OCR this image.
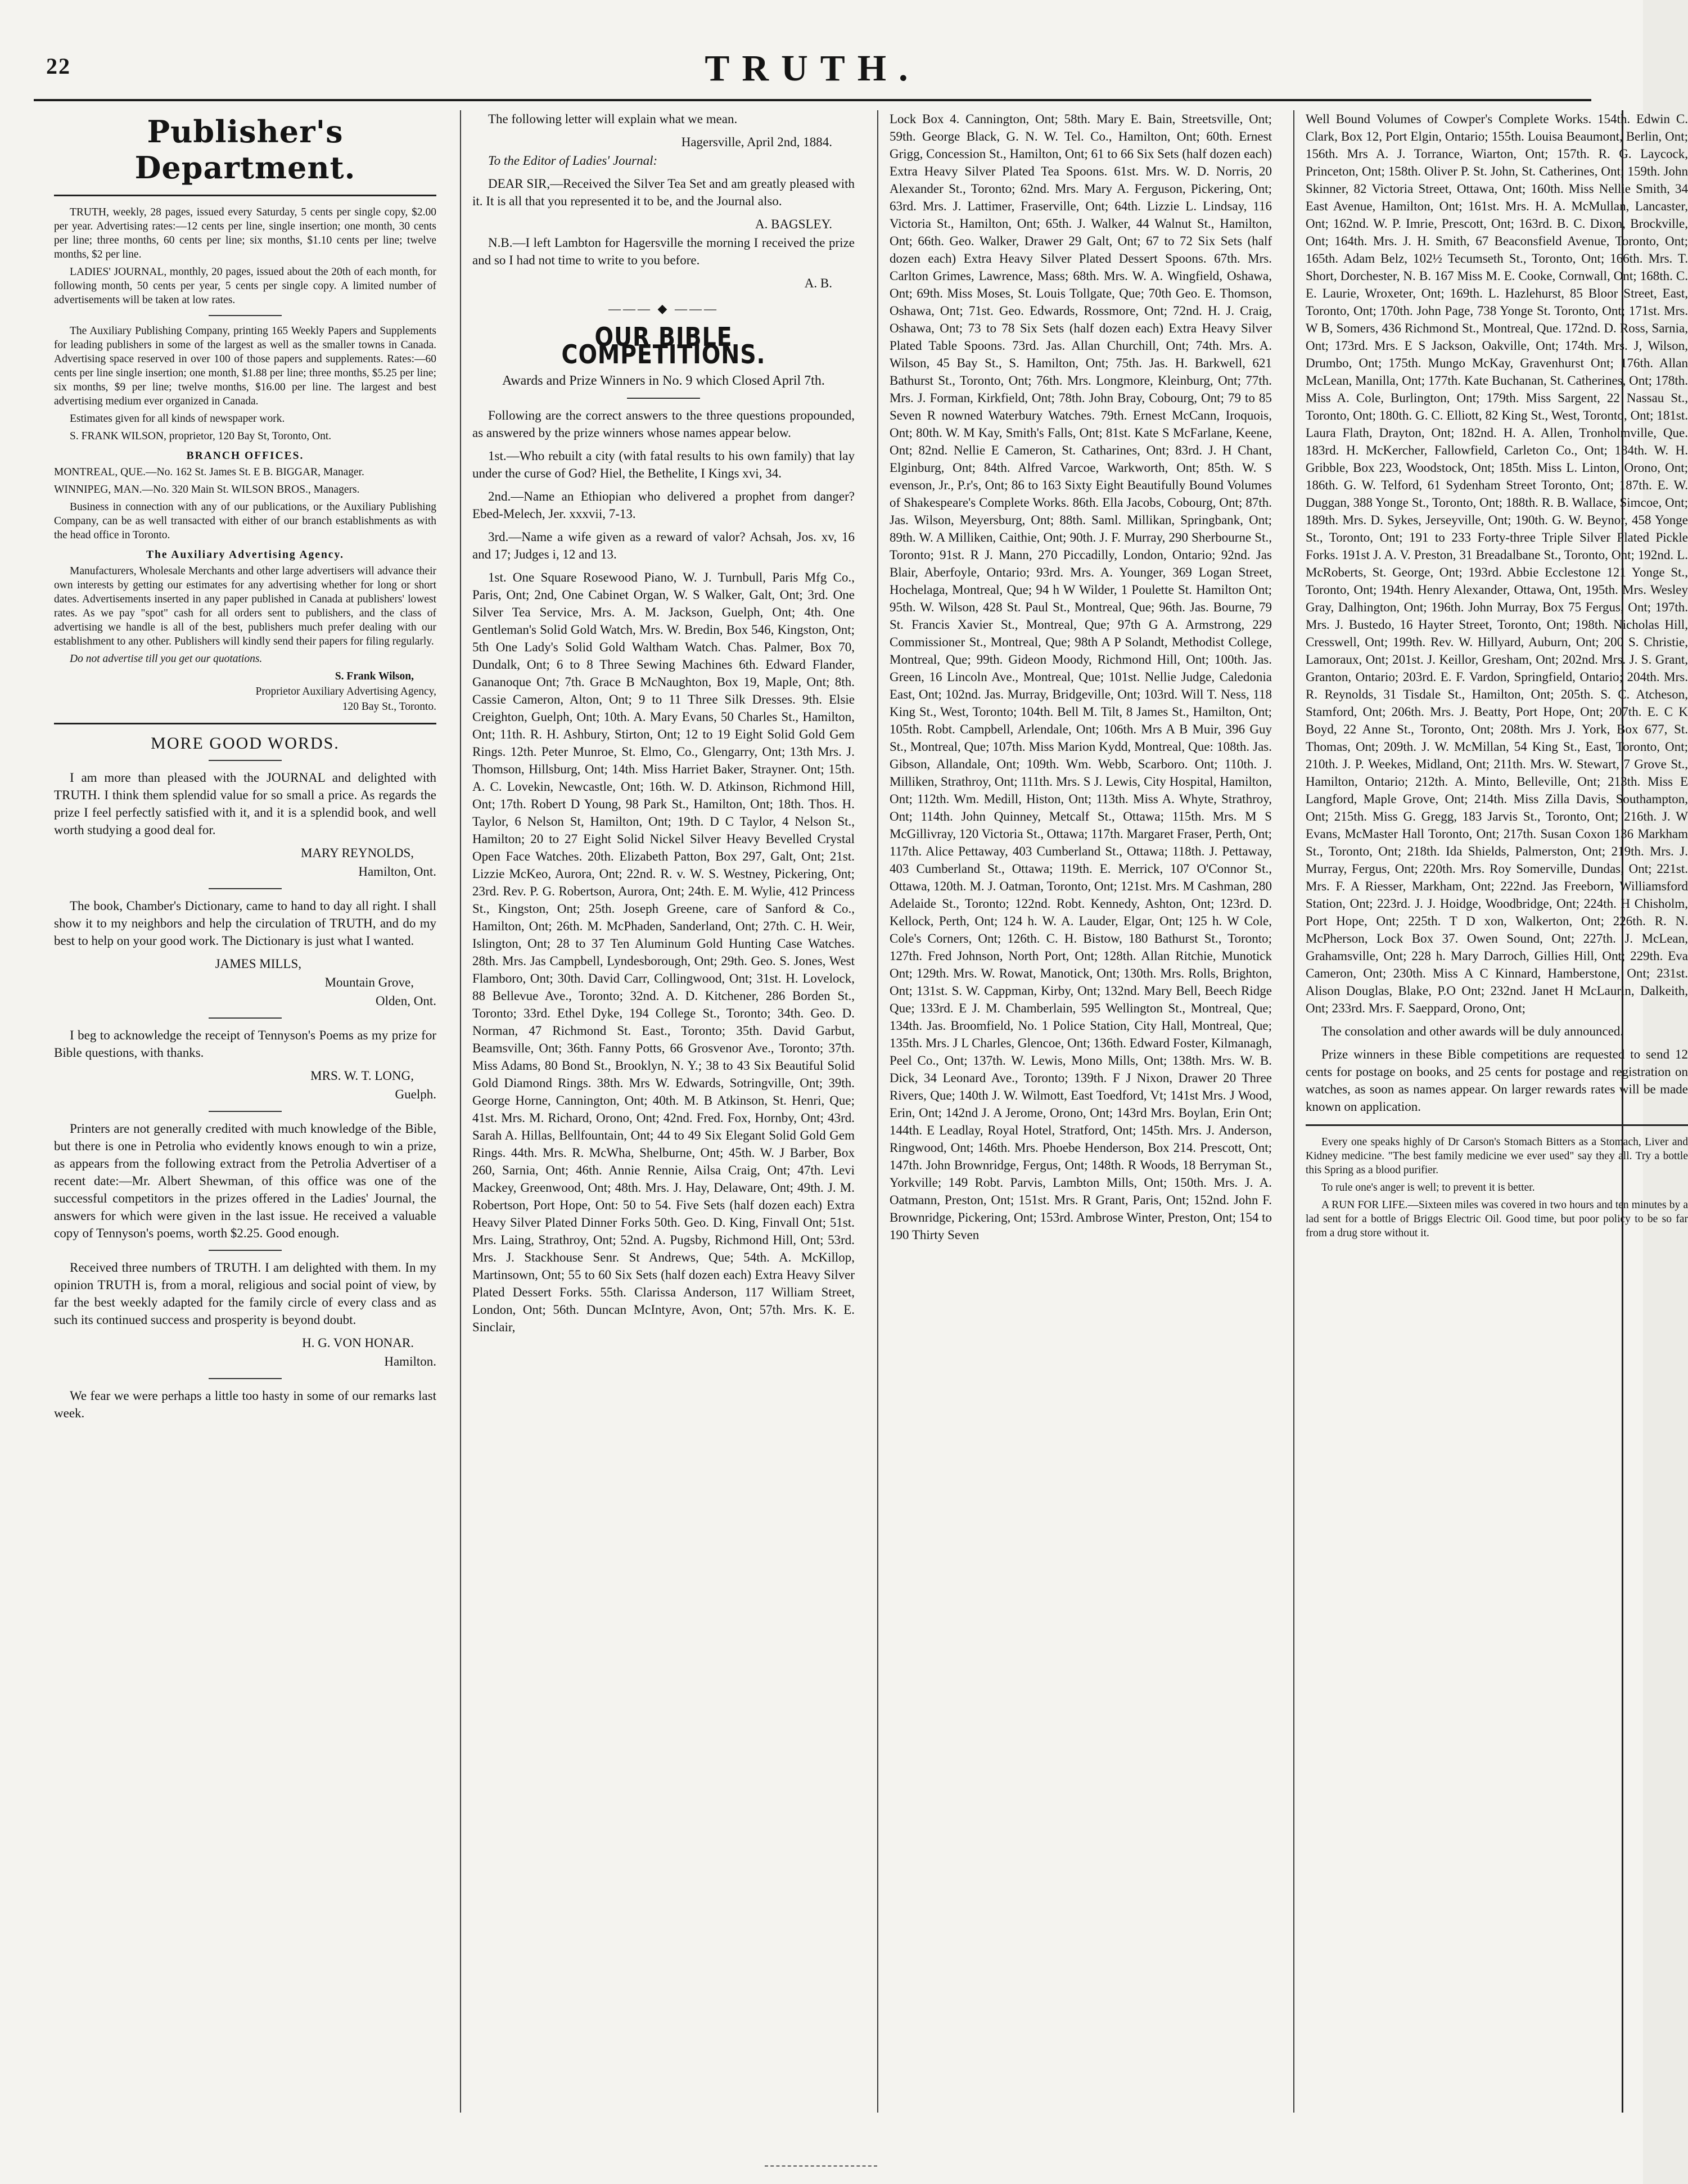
22	TRUTH.
Publisher's Department.

TRUTH, weekly, 28 pages, issued every Saturday, 5 cents per single copy, $2.00 per year. Advertising rates:—12 cents per line, single insertion; one month, 30 cents per line; three months, 60 cents per line; six months, $1.10 cents per line; twelve months, $2 per line.

LADIES' JOURNAL, monthly, 20 pages, issued about the 20th of each month, for following month, 50 cents per year, 5 cents per single copy. A limited number of advertisements will be taken at low rates.

The Auxiliary Publishing Company, printing 165 Weekly Papers and Supplements for leading publishers in some of the largest as well as the smaller towns in Canada. Advertising space reserved in over 100 of those papers and supplements. Rates:—60 cents per line single insertion; one month, $1.88 per line; three months, $5.25 per line; six months, $9 per line; twelve months, $16.00 per line. The largest and best advertising medium ever organized in Canada.

Estimates given for all kinds of newspaper work.

S. FRANK WILSON, proprietor, 120 Bay St, Toronto, Ont.

BRANCH OFFICES.

MONTREAL, QUE.—No. 162 St. James St. E B. BIGGAR, Manager.

WINNIPEG, MAN.—No. 320 Main St. WILSON BROS., Managers.

Business in connection with any of our publications, or the Auxiliary Publishing Company, can be as well transacted with either of our branch establishments as with the head office in Toronto.

The Auxiliary Advertising Agency.

Manufacturers, Wholesale Merchants and other large advertisers will advance their own interests by getting our estimates for any advertising whether for long or short dates. Advertisements inserted in any paper published in Canada at publishers' lowest rates. As we pay "spot" cash for all orders sent to publishers, and the class of advertising we handle is all of the best, publishers much prefer dealing with our establishment to any other. Publishers will kindly send their papers for filing regularly.

Do not advertise till you get our quotations.

S. Frank Wilson,
Proprietor Auxiliary Advertising Agency,
120 Bay St., Toronto.
MORE GOOD WORDS.

I am more than pleased with the JOURNAL and delighted with TRUTH. I think them splendid value for so small a price. As regards the prize I feel perfectly satisfied with it, and it is a splendid book, and well worth studying a good deal for.

MARY REYNOLDS,
Hamilton, Ont.

The book, Chamber's Dictionary, came to hand to day all right. I shall show it to my neighbors and help the circulation of TRUTH, and do my best to help on your good work. The Dictionary is just what I wanted.

JAMES MILLS,
Mountain Grove,
Olden, Ont.

I beg to acknowledge the receipt of Tennyson's Poems as my prize for Bible questions, with thanks.

MRS. W. T. LONG,
Guelph.

Printers are not generally credited with much knowledge of the Bible, but there is one in Petrolia who evidently knows enough to win a prize, as appears from the following extract from the Petrolia Advertiser of a recent date:—Mr. Albert Shewman, of this office was one of the successful competitors in the prizes offered in the Ladies' Journal, the answers for which were given in the last issue. He received a valuable copy of Tennyson's poems, worth $2.25. Good enough.

Received three numbers of TRUTH. I am delighted with them. In my opinion TRUTH is, from a moral, religious and social point of view, by far the best weekly adapted for the family circle of every class and as such its continued success and prosperity is beyond doubt.

H. G. VON HONAR.
Hamilton.

We fear we were perhaps a little too hasty in some of our remarks last week.

The following letter will explain what we mean.

Hagersville, April 2nd, 1884.

To the Editor of Ladies' Journal:

DEAR SIR,—Received the Silver Tea Set and am greatly pleased with it. It is all that you represented it to be, and the Journal also.

A. BAGSLEY.

N.B.—I left Lambton for Hagersville the morning I received the prize and so I had not time to write to you before.

A. B.
——— ◆ ———
OUR BIBLE COMPETITIONS.
Awards and Prize Winners in No. 9 which Closed April 7th.

Following are the correct answers to the three questions propounded, as answered by the prize winners whose names appear below.

1st.—Who rebuilt a city (with fatal results to his own family) that lay under the curse of God? Hiel, the Bethelite, I Kings xvi, 34.

2nd.—Name an Ethiopian who delivered a prophet from danger? Ebed-Melech, Jer. xxxvii, 7-13.

3rd.—Name a wife given as a reward of valor? Achsah, Jos. xv, 16 and 17; Judges i, 12 and 13.

1st. One Square Rosewood Piano, W. J. Turnbull, Paris Mfg Co., Paris, Ont; 2nd, One Cabinet Organ, W. S Walker, Galt, Ont; 3rd. One Silver Tea Service, Mrs. A. M. Jackson, Guelph, Ont; 4th. One Gentleman's Solid Gold Watch, Mrs. W. Bredin, Box 546, Kingston, Ont; 5th One Lady's Solid Gold Waltham Watch. Chas. Palmer, Box 70, Dundalk, Ont; 6 to 8 Three Sewing Machines 6th. Edward Flander, Gananoque Ont; 7th. Grace B McNaughton, Box 19, Maple, Ont; 8th. Cassie Cameron, Alton, Ont; 9 to 11 Three Silk Dresses. 9th. Elsie Creighton, Guelph, Ont; 10th. A. Mary Evans, 50 Charles St., Hamilton, Ont; 11th. R. H. Ashbury, Stirton, Ont; 12 to 19 Eight Solid Gold Gem Rings. 12th. Peter Munroe, St. Elmo, Co., Glengarry, Ont; 13th Mrs. J. Thomson, Hillsburg, Ont; 14th. Miss Harriet Baker, Strayner. Ont; 15th. A. C. Lovekin, Newcastle, Ont; 16th. W. D. Atkinson, Richmond Hill, Ont; 17th. Robert D Young, 98 Park St., Hamilton, Ont; 18th. Thos. H. Taylor, 6 Nelson St, Hamilton, Ont; 19th. D C Taylor, 4 Nelson St., Hamilton; 20 to 27 Eight Solid Nickel Silver Heavy Bevelled Crystal Open Face Watches. 20th. Elizabeth Patton, Box 297, Galt, Ont; 21st. Lizzie McKeo, Aurora, Ont; 22nd. R. v. W. S. Westney, Pickering, Ont; 23rd. Rev. P. G. Robertson, Aurora, Ont; 24th. E. M. Wylie, 412 Princess St., Kingston, Ont; 25th. Joseph Greene, care of Sanford & Co., Hamilton, Ont; 26th. M. McPhaden, Sanderland, Ont; 27th. C. H. Weir, Islington, Ont; 28 to 37 Ten Aluminum Gold Hunting Case Watches. 28th. Mrs. Jas Campbell, Lyndesborough, Ont; 29th. Geo. S. Jones, West Flamboro, Ont; 30th. David Carr, Collingwood, Ont; 31st. H. Lovelock, 88 Bellevue Ave., Toronto; 32nd. A. D. Kitchener, 286 Borden St., Toronto; 33rd. Ethel Dyke, 194 College St., Toronto; 34th. Geo. D. Norman, 47 Richmond St. East., Toronto; 35th. David Garbut, Beamsville, Ont; 36th. Fanny Potts, 66 Grosvenor Ave., Toronto; 37th. Miss Adams, 80 Bond St., Brooklyn, N. Y.; 38 to 43 Six Beautiful Solid Gold Diamond Rings. 38th. Mrs W. Edwards, Sotringville, Ont; 39th. George Horne, Cannington, Ont; 40th. M. B Atkinson, St. Henri, Que; 41st. Mrs. M. Richard, Orono, Ont; 42nd. Fred. Fox, Hornby, Ont; 43rd. Sarah A. Hillas, Bellfountain, Ont; 44 to 49 Six Elegant Solid Gold Gem Rings. 44th. Mrs. R. McWha, Shelburne, Ont; 45th. W. J Barber, Box 260, Sarnia, Ont; 46th. Annie Rennie, Ailsa Craig, Ont; 47th. Levi Mackey, Greenwood, Ont; 48th. Mrs. J. Hay, Delaware, Ont; 49th. J. M. Robertson, Port Hope, Ont: 50 to 54. Five Sets (half dozen each) Extra Heavy Silver Plated Dinner Forks 50th. Geo. D. King, Finvall Ont; 51st. Mrs. Laing, Strathroy, Ont; 52nd. A. Pugsby, Richmond Hill, Ont; 53rd. Mrs. J. Stackhouse Senr. St Andrews, Que; 54th. A. McKillop, Martinsown, Ont; 55 to 60 Six Sets (half dozen each) Extra Heavy Silver Plated Dessert Forks. 55th. Clarissa Anderson, 117 William Street, London, Ont; 56th. Duncan McIntyre, Avon, Ont; 57th. Mrs. K. E. Sinclair,

Lock Box 4. Cannington, Ont; 58th. Mary E. Bain, Streetsville, Ont; 59th. George Black, G. N. W. Tel. Co., Hamilton, Ont; 60th. Ernest Grigg, Concession St., Hamilton, Ont; 61 to 66 Six Sets (half dozen each) Extra Heavy Silver Plated Tea Spoons. 61st. Mrs. W. D. Norris, 20 Alexander St., Toronto; 62nd. Mrs. Mary A. Ferguson, Pickering, Ont; 63rd. Mrs. J. Lattimer, Fraserville, Ont; 64th. Lizzie L. Lindsay, 116 Victoria St., Hamilton, Ont; 65th. J. Walker, 44 Walnut St., Hamilton, Ont; 66th. Geo. Walker, Drawer 29 Galt, Ont; 67 to 72 Six Sets (half dozen each) Extra Heavy Silver Plated Dessert Spoons. 67th. Mrs. Carlton Grimes, Lawrence, Mass; 68th. Mrs. W. A. Wingfield, Oshawa, Ont; 69th. Miss Moses, St. Louis Tollgate, Que; 70th Geo. E. Thomson, Oshawa, Ont; 71st. Geo. Edwards, Rossmore, Ont; 72nd. H. J. Craig, Oshawa, Ont; 73 to 78 Six Sets (half dozen each) Extra Heavy Silver Plated Table Spoons. 73rd. Jas. Allan Churchill, Ont; 74th. Mrs. A. Wilson, 45 Bay St., S. Hamilton, Ont; 75th. Jas. H. Barkwell, 621 Bathurst St., Toronto, Ont; 76th. Mrs. Longmore, Kleinburg, Ont; 77th. Mrs. J. Forman, Kirkfield, Ont; 78th. John Bray, Cobourg, Ont; 79 to 85 Seven R nowned Waterbury Watches. 79th. Ernest McCann, Iroquois, Ont; 80th. W. M Kay, Smith's Falls, Ont; 81st. Kate S McFarlane, Keene, Ont; 82nd. Nellie E Cameron, St. Catharines, Ont; 83rd. J. H Chant, Elginburg, Ont; 84th. Alfred Varcoe, Warkworth, Ont; 85th. W. S evenson, Jr., P.r's, Ont; 86 to 163 Sixty Eight Beautifully Bound Volumes of Shakespeare's Complete Works. 86th. Ella Jacobs, Cobourg, Ont; 87th. Jas. Wilson, Meyersburg, Ont; 88th. Saml. Millikan, Springbank, Ont; 89th. W. A Milliken, Caithie, Ont; 90th. J. F. Murray, 290 Sherbourne St., Toronto; 91st. R J. Mann, 270 Piccadilly, London, Ontario; 92nd. Jas Blair, Aberfoyle, Ontario; 93rd. Mrs. A. Younger, 369 Logan Street, Hochelaga, Montreal, Que; 94 h W Wilder, 1 Poulette St. Hamilton Ont; 95th. W. Wilson, 428 St. Paul St., Montreal, Que; 96th. Jas. Bourne, 79 St. Francis Xavier St., Montreal, Que; 97th G A. Armstrong, 229 Commissioner St., Montreal, Que; 98th A P Solandt, Methodist College, Montreal, Que; 99th. Gideon Moody, Richmond Hill, Ont; 100th. Jas. Green, 16 Lincoln Ave., Montreal, Que; 101st. Nellie Judge, Caledonia East, Ont; 102nd. Jas. Murray, Bridgeville, Ont; 103rd. Will T. Ness, 118 King St., West, Toronto; 104th. Bell M. Tilt, 8 James St., Hamilton, Ont; 105th. Robt. Campbell, Arlendale, Ont; 106th. Mrs A B Muir, 396 Guy St., Montreal, Que; 107th. Miss Marion Kydd, Montreal, Que: 108th. Jas. Gibson, Allandale, Ont; 109th. Wm. Webb, Scarboro. Ont; 110th. J. Milliken, Strathroy, Ont; 111th. Mrs. S J. Lewis, City Hospital, Hamilton, Ont; 112th. Wm. Medill, Histon, Ont; 113th. Miss A. Whyte, Strathroy, Ont; 114th. John Quinney, Metcalf St., Ottawa; 115th. Mrs. M S McGillivray, 120 Victoria St., Ottawa; 117th. Margaret Fraser, Perth, Ont; 117th. Alice Pettaway, 403 Cumberland St., Ottawa; 118th. J. Pettaway, 403 Cumberland St., Ottawa; 119th. E. Merrick, 107 O'Connor St., Ottawa, 120th. M. J. Oatman, Toronto, Ont; 121st. Mrs. M Cashman, 280 Adelaide St., Toronto; 122nd. Robt. Kennedy, Ashton, Ont; 123rd. D. Kellock, Perth, Ont; 124 h. W. A. Lauder, Elgar, Ont; 125 h. W Cole, Cole's Corners, Ont; 126th. C. H. Bistow, 180 Bathurst St., Toronto; 127th. Fred Johnson, North Port, Ont; 128th. Allan Ritchie, Munotick Ont; 129th. Mrs. W. Rowat, Manotick, Ont; 130th. Mrs. Rolls, Brighton, Ont; 131st. S. W. Cappman, Kirby, Ont; 132nd. Mary Bell, Beech Ridge Que; 133rd. E J. M. Chamberlain, 595 Wellington St., Montreal, Que; 134th. Jas. Broomfield, No. 1 Police Station, City Hall, Montreal, Que; 135th. Mrs. J L Charles, Glencoe, Ont; 136th. Edward Foster, Kilmanagh, Peel Co., Ont; 137th. W. Lewis, Mono Mills, Ont; 138th. Mrs. W. B. Dick, 34 Leonard Ave., Toronto; 139th. F J Nixon, Drawer 20 Three Rivers, Que; 140th J. W. Wilmott, East Toedford, Vt; 141st Mrs. J Wood, Erin, Ont; 142nd J. A Jerome, Orono, Ont; 143rd Mrs. Boylan, Erin Ont; 144th. E Leadlay, Royal Hotel, Stratford, Ont; 145th. Mrs. J. Anderson, Ringwood, Ont; 146th. Mrs. Phoebe Henderson, Box 214. Prescott, Ont; 147th. John Brownridge, Fergus, Ont; 148th. R Woods, 18 Berryman St., Yorkville; 149 Robt. Parvis, Lambton Mills, Ont; 150th. Mrs. J. A. Oatmann, Preston, Ont; 151st. Mrs. R Grant, Paris, Ont; 152nd. John F. Brownridge, Pickering, Ont; 153rd. Ambrose Winter, Preston, Ont; 154 to 190 Thirty Seven

Well Bound Volumes of Cowper's Complete Works. 154th. Edwin C. Clark, Box 12, Port Elgin, Ontario; 155th. Louisa Beaumont, Berlin, Ont; 156th. Mrs A. J. Torrance, Wiarton, Ont; 157th. R. G. Laycock, Princeton, Ont; 158th. Oliver P. St. John, St. Catherines, Ont; 159th. John Skinner, 82 Victoria Street, Ottawa, Ont; 160th. Miss Nellie Smith, 34 East Avenue, Hamilton, Ont; 161st. Mrs. H. A. McMullan, Lancaster, Ont; 162nd. W. P. Imrie, Prescott, Ont; 163rd. B. C. Dixon, Brockville, Ont; 164th. Mrs. J. H. Smith, 67 Beaconsfield Avenue, Toronto, Ont; 165th. Adam Belz, 102½ Tecumseth St., Toronto, Ont; 166th. Mrs. T. Short, Dorchester, N. B. 167 Miss M. E. Cooke, Cornwall, Ont; 168th. C. E. Laurie, Wroxeter, Ont; 169th. L. Hazlehurst, 85 Bloor Street, East, Toronto, Ont; 170th. John Page, 738 Yonge St. Toronto, Ont; 171st. Mrs. W B, Somers, 436 Richmond St., Montreal, Que. 172nd. D. Ross, Sarnia, Ont; 173rd. Mrs. E S Jackson, Oakville, Ont; 174th. Mrs. J, Wilson, Drumbo, Ont; 175th. Mungo McKay, Gravenhurst Ont; 176th. Allan McLean, Manilla, Ont; 177th. Kate Buchanan, St. Catherines, Ont; 178th. Miss A. Cole, Burlington, Ont; 179th. Miss Sargent, 22 Nassau St., Toronto, Ont; 180th. G. C. Elliott, 82 King St., West, Toronto, Ont; 181st. Laura Flath, Drayton, Ont; 182nd. H. A. Allen, Tronholmville, Que. 183rd. H. McKercher, Fallowfield, Carleton Co., Ont; 184th. W. H. Gribble, Box 223, Woodstock, Ont; 185th. Miss L. Linton, Orono, Ont; 186th. G. W. Telford, 61 Sydenham Street Toronto, Ont; 187th. E. W. Duggan, 388 Yonge St., Toronto, Ont; 188th. R. B. Wallace, Simcoe, Ont; 189th. Mrs. D. Sykes, Jerseyville, Ont; 190th. G. W. Beynor, 458 Yonge St., Toronto, Ont; 191 to 233 Forty-three Triple Silver Plated Pickle Forks. 191st J. A. V. Preston, 31 Breadalbane St., Toronto, Ont; 192nd. L. McRoberts, St. George, Ont; 193rd. Abbie Ecclestone 121 Yonge St., Toronto, Ont; 194th. Henry Alexander, Ottawa, Ont, 195th. Mrs. Wesley Gray, Dalhington, Ont; 196th. John Murray, Box 75 Fergus, Ont; 197th. Mrs. J. Bustedo, 16 Hayter Street, Toronto, Ont; 198th. Nicholas Hill, Cresswell, Ont; 199th. Rev. W. Hillyard, Auburn, Ont; 200 S. Christie, Lamoraux, Ont; 201st. J. Keillor, Gresham, Ont; 202nd. Mrs. J. S. Grant, Granton, Ontario; 203rd. E. F. Vardon, Springfield, Ontario; 204th. Mrs. R. Reynolds, 31 Tisdale St., Hamilton, Ont; 205th. S. C. Atcheson, Stamford, Ont; 206th. Mrs. J. Beatty, Port Hope, Ont; 207th. E. C K Boyd, 22 Anne St., Toronto, Ont; 208th. Mrs J. York, Box 677, St. Thomas, Ont; 209th. J. W. McMillan, 54 King St., East, Toronto, Ont; 210th. J. P. Weekes, Midland, Ont; 211th. Mrs. W. Stewart, 7 Grove St., Hamilton, Ontario; 212th. A. Minto, Belleville, Ont; 213th. Miss E Langford, Maple Grove, Ont; 214th. Miss Zilla Davis, Southampton, Ont; 215th. Miss G. Gregg, 183 Jarvis St., Toronto, Ont; 216th. J. W Evans, McMaster Hall Toronto, Ont; 217th. Susan Coxon 136 Markham St., Toronto, Ont; 218th. Ida Shields, Palmerston, Ont; 219th. Mrs. J. Murray, Fergus, Ont; 220th. Mrs. Roy Somerville, Dundas, Ont; 221st. Mrs. F. A Riesser, Markham, Ont; 222nd. Jas Freeborn, Williamsford Station, Ont; 223rd. J. J. Hoidge, Woodbridge, Ont; 224th. H Chisholm, Port Hope, Ont; 225th. T D xon, Walkerton, Ont; 226th. R. N. McPherson, Lock Box 37. Owen Sound, Ont; 227th. J. McLean, Grahamsville, Ont; 228 h. Mary Darroch, Gillies Hill, Ont; 229th. Eva Cameron, Ont; 230th. Miss A C Kinnard, Hamberstone, Ont; 231st. Alison Douglas, Blake, P.O Ont; 232nd. Janet H McLaurin, Dalkeith, Ont; 233rd. Mrs. F. Saeppard, Orono, Ont;

The consolation and other awards will be duly announced.

Prize winners in these Bible competitions are requested to send 12 cents for postage on books, and 25 cents for postage and registration on watches, as soon as names appear. On larger rewards rates will be made known on application.

Every one speaks highly of Dr Carson's Stomach Bitters as a Stomach, Liver and Kidney medicine. "The best family medicine we ever used" say they all. Try a bottle this Spring as a blood purifier.

To rule one's anger is well; to prevent it is better.

A RUN FOR LIFE.—Sixteen miles was covered in two hours and ten minutes by a lad sent for a bottle of Briggs Electric Oil. Good time, but poor policy to be so far from a drug store without it.
